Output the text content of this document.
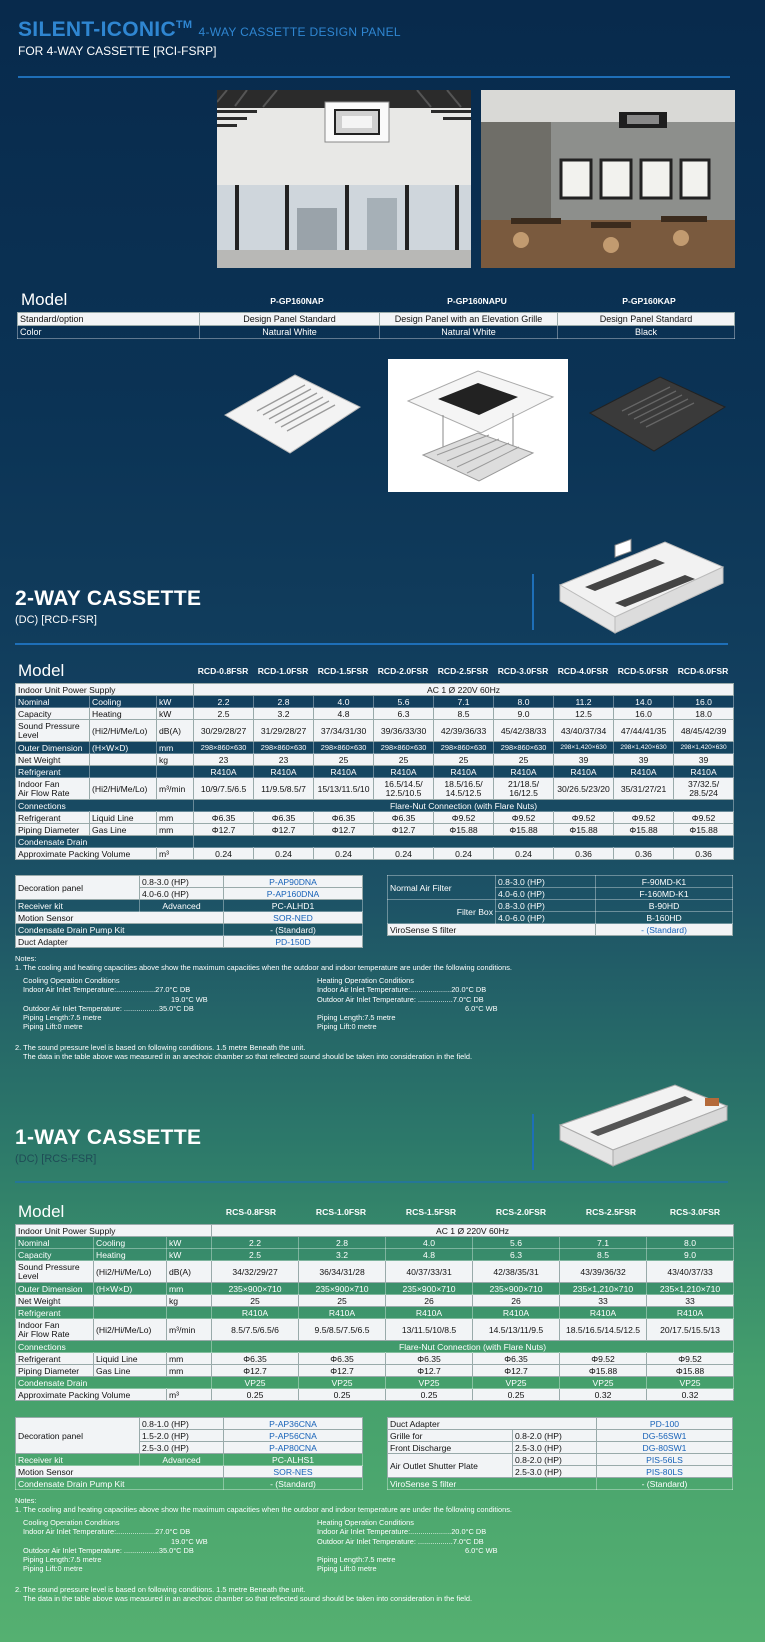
SILENT-ICONIC™ 4-WAY CASSETTE DESIGN PANEL
FOR 4-WAY CASSETTE [RCI-FSRP]
Model	P-GP160NAP	P-GP160NAPU	P-GP160KAP
Standard/option	Design Panel Standard	Design Panel with an Elevation Grille	Design Panel Standard
Color	Natural White	Natural White	Black
2-WAY CASSETTE
(DC) [RCD-FSR]
Model	RCD-0.8FSR	RCD-1.0FSR	RCD-1.5FSR	RCD-2.0FSR	RCD-2.5FSR	RCD-3.0FSR	RCD-4.0FSR	RCD-5.0FSR	RCD-6.0FSR
Indoor Unit Power Supply			AC 1 Ø 220V 60Hz								
Nominal	Cooling	kW	2.2	2.8	4.0	5.6	7.1	8.0	11.2	14.0	16.0
Capacity	Heating	kW	2.5	3.2	4.8	6.3	8.5	9.0	12.5	16.0	18.0
Sound Pressure
Level	(Hi2/Hi/Me/Lo)	dB(A)	30/29/28/27	31/29/28/27	37/34/31/30	39/36/33/30	42/39/36/33	45/42/38/33	43/40/37/34	47/44/41/35	48/45/42/39
Outer Dimension	(H×W×D)	mm	298×860×630	298×860×630	298×860×630	298×860×630	298×860×630	298×860×630	298×1,420×630	298×1,420×630	298×1,420×630
Net Weight		kg	23	23	25	25	25	25	39	39	39
Refrigerant			R410A	R410A	R410A	R410A	R410A	R410A	R410A	R410A	R410A
Indoor Fan
Air Flow Rate	(Hi2/Hi/Me/Lo)	m³/min	10/9/7.5/6.5	11/9.5/8.5/7	15/13/11.5/10	16.5/14.5/ 12.5/10.5	18.5/16.5/ 14.5/12.5	21/18.5/ 16/12.5	30/26.5/23/20	35/31/27/21	37/32.5/ 28.5/24
Connections			Flare-Nut Connection (with Flare Nuts)								
Refrigerant	Liquid Line	mm	Φ6.35	Φ6.35	Φ6.35	Φ6.35	Φ9.52	Φ9.52	Φ9.52	Φ9.52	Φ9.52
Piping Diameter	Gas Line	mm	Φ12.7	Φ12.7	Φ12.7	Φ12.7	Φ15.88	Φ15.88	Φ15.88	Φ15.88	Φ15.88
Condensate Drain											
Approximate Packing Volume		m³	0.24	0.24	0.24	0.24	0.24	0.24	0.36	0.36	0.36
Decoration panel	0.8-3.0 (HP)	P-AP90DNA
	4.0-6.0 (HP)	P-AP160DNA
Receiver kit	Advanced	PC-ALHD1
Motion Sensor		SOR-NED
Condensate Drain Pump Kit		- (Standard)
Duct Adapter		PD-150D
Normal Air Filter	0.8-3.0 (HP)	F-90MD-K1
	4.0-6.0 (HP)	F-160MD-K1
Filter Box	0.8-3.0 (HP)	B-90HD
	4.0-6.0 (HP)	B-160HD
ViroSense S filter		- (Standard)
Notes:
1. The cooling and heating capacities above show the maximum capacities when the outdoor and indoor temperature are under the following conditions.
Cooling Operation Conditions
Indoor Air Inlet Temperature:...................27.0°C DB
19.0°C WB
Outdoor Air Inlet Temperature: .................35.0°C DB
Piping Length:7.5 metre
Piping Lift:0 metre
Heating Operation Conditions
Indoor Air Inlet Temperature:....................20.0°C DB
Outdoor Air Inlet Temperature: .................7.0°C DB
6.0°C WB
Piping Length:7.5 metre
Piping Lift:0 metre
2. The sound pressure level is based on following conditions. 1.5 metre Beneath the unit.
The data in the table above was measured in an anechoic chamber so that reflected sound should be taken into consideration in the field.
1-WAY CASSETTE
(DC) [RCS-FSR]
Model	RCS-0.8FSR	RCS-1.0FSR	RCS-1.5FSR	RCS-2.0FSR	RCS-2.5FSR	RCS-3.0FSR
Indoor Unit Power Supply			AC 1 Ø 220V 60Hz					
Nominal	Cooling	kW	2.2	2.8	4.0	5.6	7.1	8.0
Capacity	Heating	kW	2.5	3.2	4.8	6.3	8.5	9.0
Sound Pressure
Level	(Hi2/Hi/Me/Lo)	dB(A)	34/32/29/27	36/34/31/28	40/37/33/31	42/38/35/31	43/39/36/32	43/40/37/33
Outer Dimension	(H×W×D)	mm	235×900×710	235×900×710	235×900×710	235×900×710	235×1,210×710	235×1,210×710
Net Weight		kg	25	25	26	26	33	33
Refrigerant			R410A	R410A	R410A	R410A	R410A	R410A
Indoor Fan
Air Flow Rate	(Hi2/Hi/Me/Lo)	m³/min	8.5/7.5/6.5/6	9.5/8.5/7.5/6.5	13/11.5/10/8.5	14.5/13/11/9.5	18.5/16.5/14.5/12.5	20/17.5/15.5/13
Connections			Flare-Nut Connection (with Flare Nuts)					
Refrigerant	Liquid Line	mm	Φ6.35	Φ6.35	Φ6.35	Φ6.35	Φ9.52	Φ9.52
Piping Diameter	Gas Line	mm	Φ12.7	Φ12.7	Φ12.7	Φ12.7	Φ15.88	Φ15.88
Condensate Drain			VP25	VP25	VP25	VP25	VP25	VP25
Approximate Packing Volume		m³	0.25	0.25	0.25	0.25	0.32	0.32
Decoration panel	0.8-1.0 (HP)	P-AP36CNA
	1.5-2.0 (HP)	P-AP56CNA
	2.5-3.0 (HP)	P-AP80CNA
Receiver kit	Advanced	PC-ALHS1
Motion Sensor		SOR-NES
Condensate Drain Pump Kit		- (Standard)
Duct Adapter		PD-100
Grille for	0.8-2.0 (HP)	DG-56SW1
Front Discharge	2.5-3.0 (HP)	DG-80SW1
Air Outlet Shutter Plate	0.8-2.0 (HP)	PIS-56LS
	2.5-3.0 (HP)	PIS-80LS
ViroSense S filter		- (Standard)
Notes:
1. The cooling and heating capacities above show the maximum capacities when the outdoor and indoor temperature are under the following conditions.
Cooling Operation Conditions
Indoor Air Inlet Temperature:...................27.0°C DB
19.0°C WB
Outdoor Air Inlet Temperature: .................35.0°C DB
Piping Length:7.5 metre
Piping Lift:0 metre
Heating Operation Conditions
Indoor Air Inlet Temperature:....................20.0°C DB
Outdoor Air Inlet Temperature: .................7.0°C DB
6.0°C WB
Piping Length:7.5 metre
Piping Lift:0 metre
2. The sound pressure level is based on following conditions. 1.5 metre Beneath the unit.
The data in the table above was measured in an anechoic chamber so that reflected sound should be taken into consideration in the field.
